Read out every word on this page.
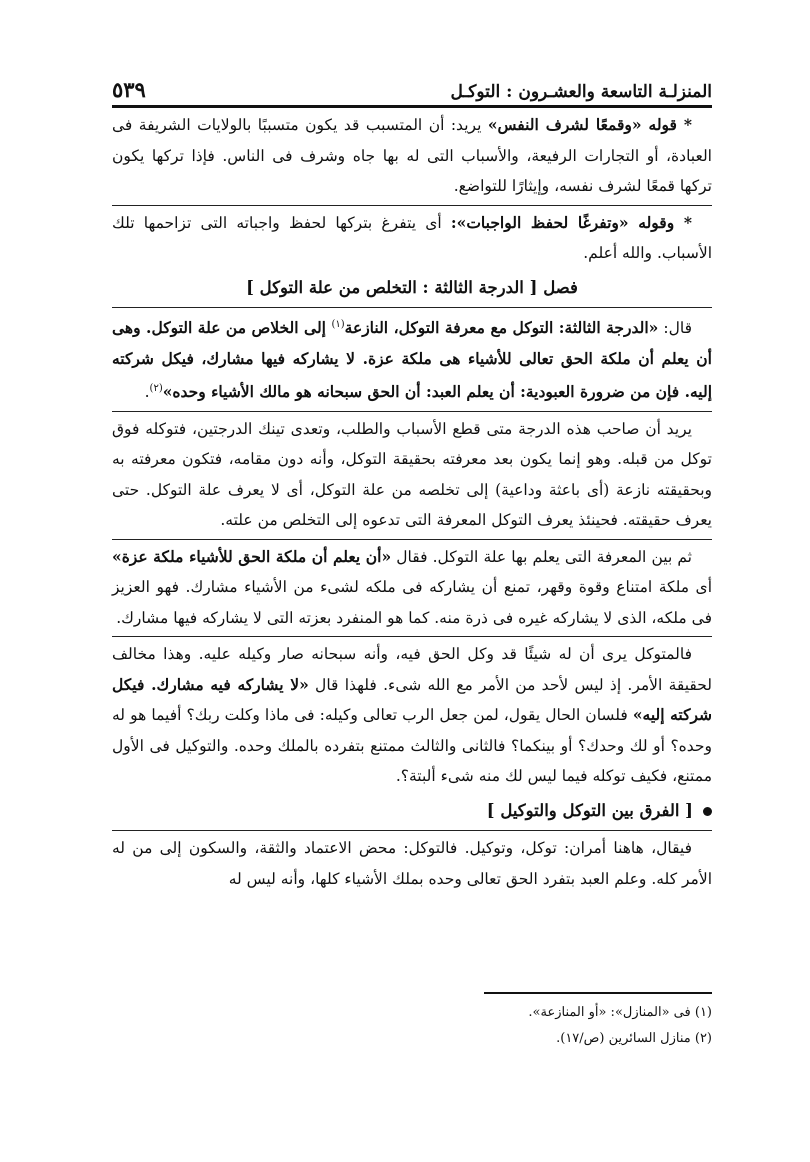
٥٣٩	المنزلـة التاسعة والعشـرون : التوكـل

* قوله «وقمعًا لشرف النفس» يريد: أن المتسبب قد يكون متسببًا بالولايات الشريفة فى العبادة، أو التجارات الرفيعة، والأسباب التى له بها جاه وشرف فى الناس. فإذا تركها يكون تركها قمعًا لشرف نفسه، وإيثارًا للتواضع.

* وقوله «وتفرغًا لحفظ الواجبات»: أى يتفرغ بتركها لحفظ واجباته التى تزاحمها تلك الأسباب. والله أعلم.

فصل [ الدرجة الثالثة : التخلص من علة التوكل ]

قال: «الدرجة الثالثة: التوكل مع معرفة التوكل، النازعة$^{(١)}$ إلى الخلاص من علة التوكل. وهى أن يعلم أن ملكة الحق تعالى للأشياء هى ملكة عزة. لا يشاركه فيها مشارك، فيكل شركته إليه. فإن من ضرورة العبودية: أن يعلم العبد: أن الحق سبحانه هو مالك الأشياء وحده»$^{(٢)}$.

يريد أن صاحب هذه الدرجة متى قطع الأسباب والطلب، وتعدى تينك الدرجتين، فتوكله فوق توكل من قبله. وهو إنما يكون بعد معرفته بحقيقة التوكل، وأنه دون مقامه، فتكون معرفته به وبحقيقته نازعة (أى باعثة وداعية) إلى تخلصه من علة التوكل، أى لا يعرف علة التوكل. حتى يعرف حقيقته. فحينئذ يعرف التوكل المعرفة التى تدعوه إلى التخلص من علته.

ثم بين المعرفة التى يعلم بها علة التوكل. فقال «أن يعلم أن ملكة الحق للأشياء ملكة عزة» أى ملكة امتناع وقوة وقهر، تمنع أن يشاركه فى ملكه لشىء من الأشياء مشارك. فهو العزيز فى ملكه، الذى لا يشاركه غيره فى ذرة منه. كما هو المنفرد بعزته التى لا يشاركه فيها مشارك.

فالمتوكل يرى أن له شيئًا قد وكل الحق فيه، وأنه سبحانه صار وكيله عليه. وهذا مخالف لحقيقة الأمر. إذ ليس لأحد من الأمر مع الله شىء. فلهذا قال «لا يشاركه فيه مشارك. فيكل شركته إليه» فلسان الحال يقول، لمن جعل الرب تعالى وكيله: فى ماذا وكلت ربك؟ أفيما هو له وحده؟ أو لك وحدك؟ أو بينكما؟ فالثانى والثالث ممتنع بتفرده بالملك وحده. والتوكيل فى الأول ممتنع، فكيف توكله فيما ليس لك منه شىء ألبتة؟.

[ الفرق بين التوكل والتوكيل ]

فيقال، هاهنا أمران: توكل، وتوكيل. فالتوكل: محض الاعتماد والثقة، والسكون إلى من له الأمر كله. وعلم العبد بتفرد الحق تعالى وحده بملك الأشياء كلها، وأنه ليس له

(١) فى «المنازل»: «أو المنازعة».

(٢) منازل السائرين (ص/١٧).
